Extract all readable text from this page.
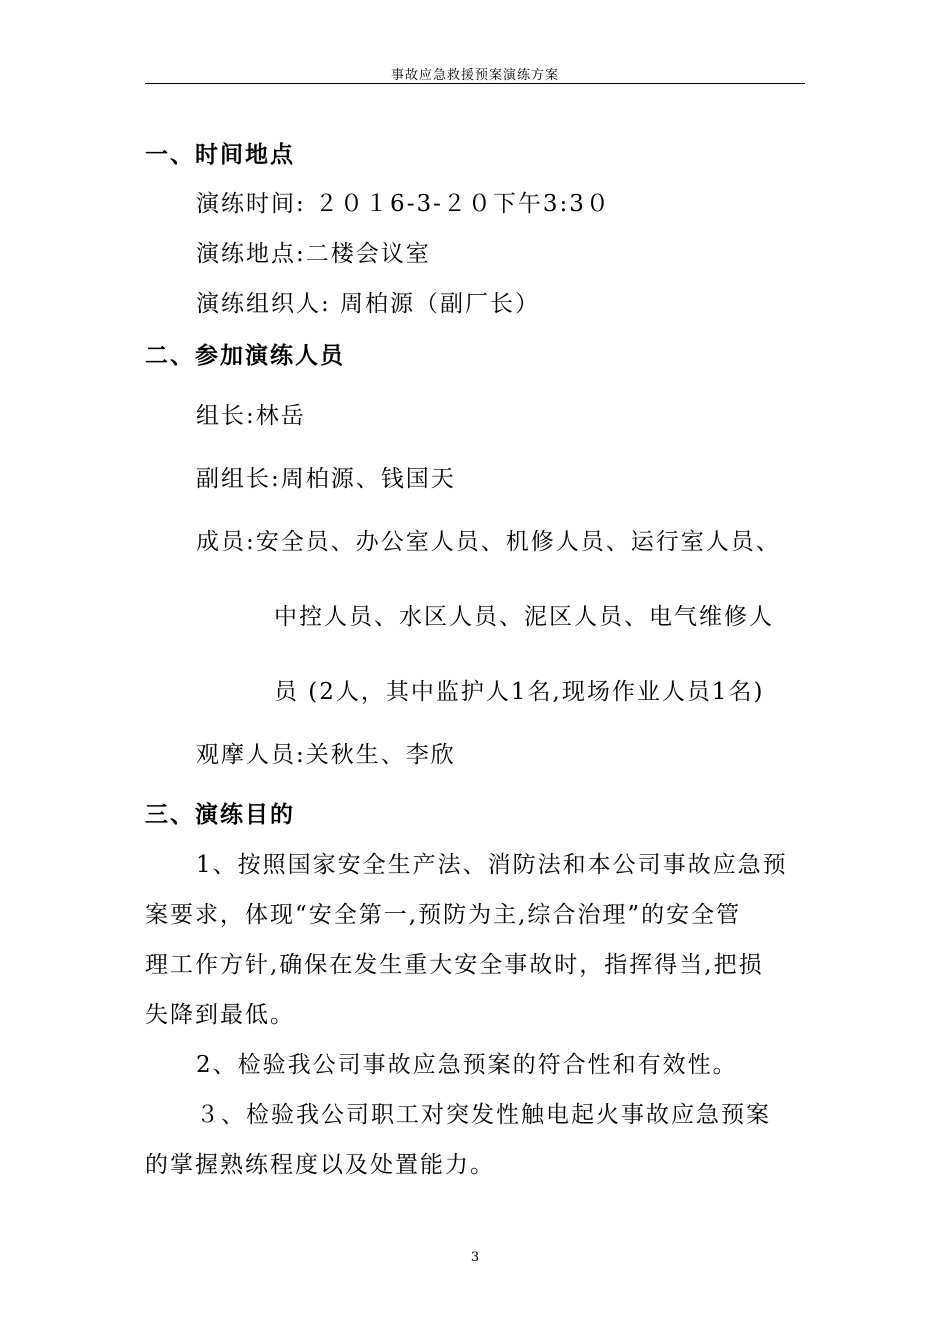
事故应急救援预案演练方案
一、时间地点
演练时间: ２０１6-3-２０下午3:3０
演练地点:二楼会议室
演练组织人: 周柏源（副厂长）
二、参加演练人员
组长:林岳
副组长:周柏源、钱国天
成员:安全员、办公室人员、机修人员、运行室人员、
中控人员、水区人员、泥区人员、电气维修人
员 (2人，其中监护人1名,现场作业人员1名)
观摩人员:关秋生、李欣
三、演练目的
1、按照国家安全生产法、消防法和本公司事故应急预
案要求，体现“安全第一,预防为主,综合治理”的安全管
理工作方针,确保在发生重大安全事故时，指挥得当,把损
失降到最低。
2、检验我公司事故应急预案的符合性和有效性。
３、检验我公司职工对突发性触电起火事故应急预案
的掌握熟练程度以及处置能力。
3
